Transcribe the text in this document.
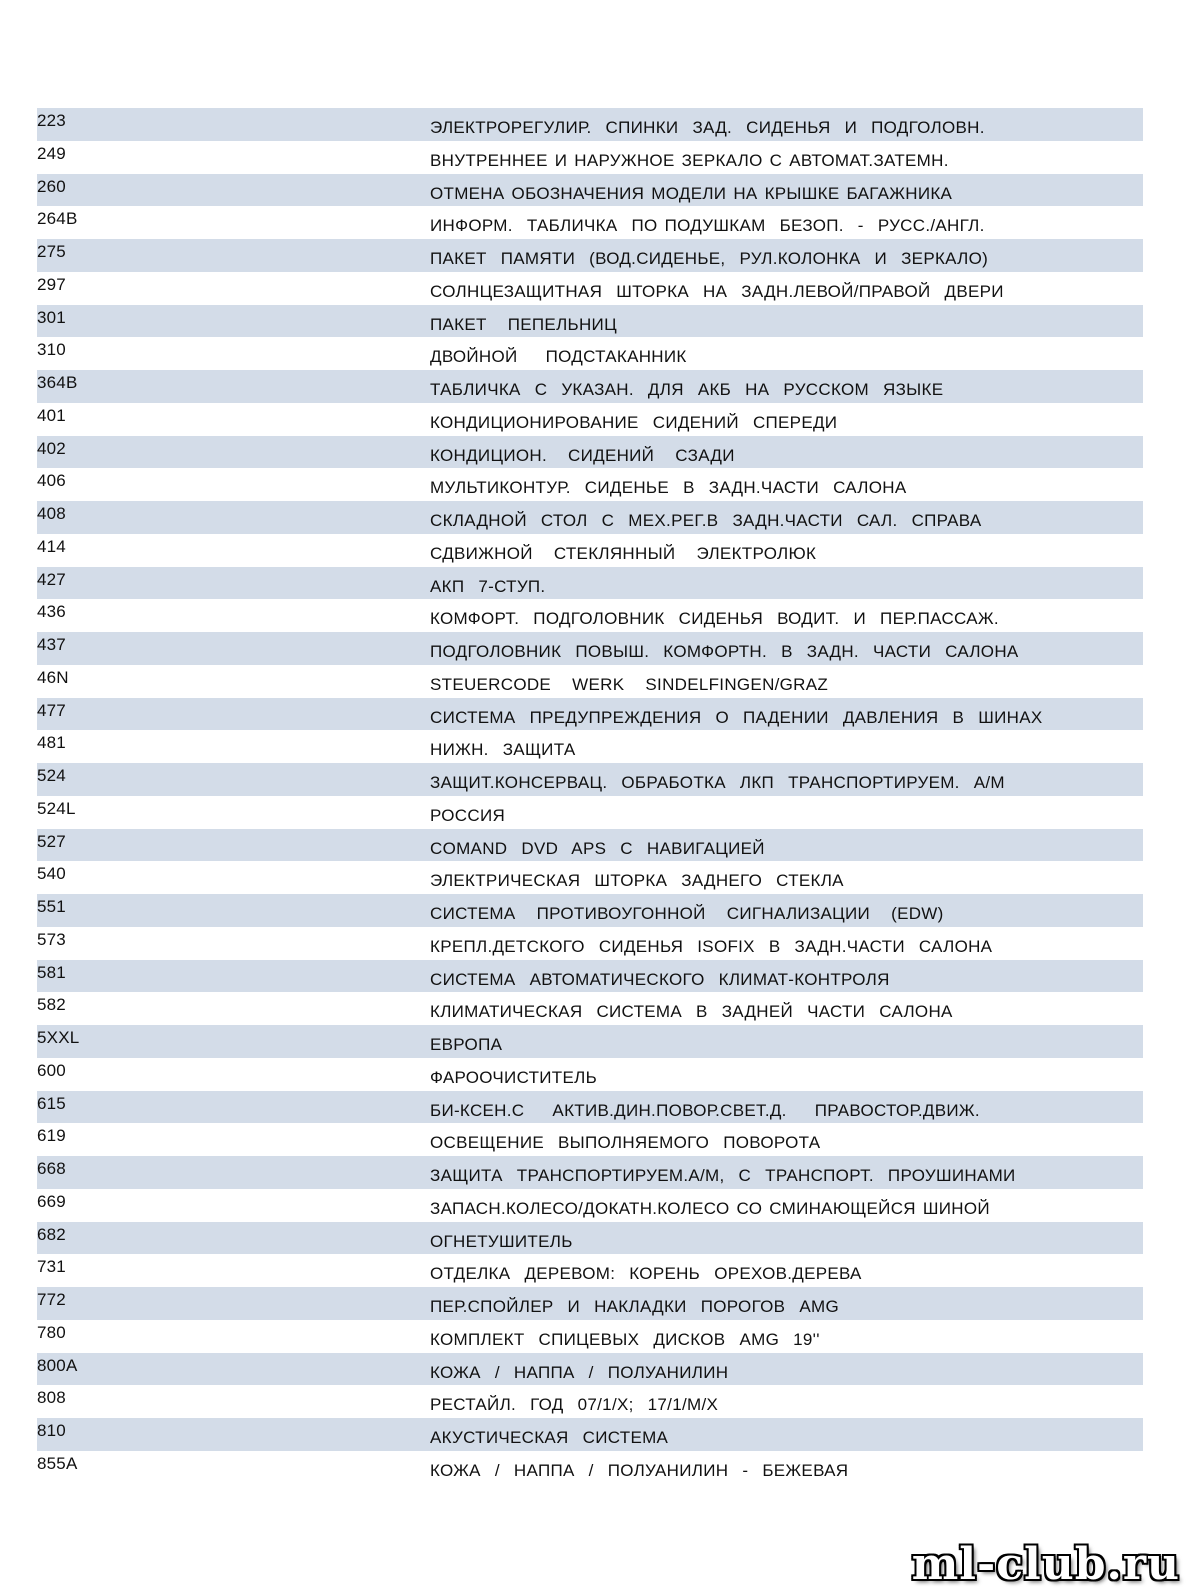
223	ЭЛЕКТРОРЕГУЛИР.  СПИНКИ  ЗАД.  СИДЕНЬЯ  И  ПОДГОЛОВН.
249	ВНУТРЕННЕЕ И НАРУЖНОЕ ЗЕРКАЛО С АВТОМАТ.ЗАТЕМН.
260	ОТМЕНА ОБОЗНАЧЕНИЯ МОДЕЛИ НА КРЫШКЕ БАГАЖНИКА
264B	ИНФОРМ.  ТАБЛИЧКА  ПО ПОДУШКАМ  БЕЗОП.  -  РУСС./АНГЛ.
275	ПАКЕТ  ПАМЯТИ  (ВОД.СИДЕНЬЕ,  РУЛ.КОЛОНКА  И  ЗЕРКАЛО)
297	СОЛНЦЕЗАЩИТНАЯ  ШТОРКА  НА  ЗАДН.ЛЕВОЙ/ПРАВОЙ  ДВЕРИ
301	ПАКЕТ   ПЕПЕЛЬНИЦ
310	ДВОЙНОЙ    ПОДСТАКАННИК
364B	ТАБЛИЧКА  С  УКАЗАН.  ДЛЯ  АКБ  НА  РУССКОМ  ЯЗЫКЕ
401	КОНДИЦИОНИРОВАНИЕ  СИДЕНИЙ  СПЕРЕДИ
402	КОНДИЦИОН.   СИДЕНИЙ   СЗАДИ
406	МУЛЬТИКОНТУР.  СИДЕНЬЕ  В  ЗАДН.ЧАСТИ  САЛОНА
408	СКЛАДНОЙ  СТОЛ  С  МЕХ.РЕГ.В  ЗАДН.ЧАСТИ  САЛ.  СПРАВА
414	СДВИЖНОЙ   СТЕКЛЯННЫЙ   ЭЛЕКТРОЛЮК
427	АКП  7-СТУП.
436	КОМФОРТ.  ПОДГОЛОВНИК  СИДЕНЬЯ  ВОДИТ.  И  ПЕР.ПАССАЖ.
437	ПОДГОЛОВНИК  ПОВЫШ.  КОМФОРТН.  В  ЗАДН.  ЧАСТИ  САЛОНА
46N	STEUERCODE   WERK   SINDELFINGEN/GRAZ
477	СИСТЕМА  ПРЕДУПРЕЖДЕНИЯ  О  ПАДЕНИИ  ДАВЛЕНИЯ  В  ШИНАХ
481	НИЖН.  ЗАЩИТА
524	ЗАЩИТ.КОНСЕРВАЦ.  ОБРАБОТКА  ЛКП  ТРАНСПОРТИРУЕМ.  А/М
524L	РОССИЯ
527	COMAND  DVD  APS  С  НАВИГАЦИЕЙ
540	ЭЛЕКТРИЧЕСКАЯ  ШТОРКА  ЗАДНЕГО  СТЕКЛА
551	СИСТЕМА   ПРОТИВОУГОННОЙ   СИГНАЛИЗАЦИИ   (EDW)
573	КРЕПЛ.ДЕТСКОГО  СИДЕНЬЯ  ISOFIX  В  ЗАДН.ЧАСТИ  САЛОНА
581	СИСТЕМА  АВТОМАТИЧЕСКОГО  КЛИМАТ-КОНТРОЛЯ
582	КЛИМАТИЧЕСКАЯ  СИСТЕМА  В  ЗАДНЕЙ  ЧАСТИ  САЛОНА
5XXL	ЕВРОПА
600	ФАРООЧИСТИТЕЛЬ
615	БИ-КСЕН.С    АКТИВ.ДИН.ПОВОР.СВЕТ.Д.    ПРАВОСТОР.ДВИЖ.
619	ОСВЕЩЕНИЕ  ВЫПОЛНЯЕМОГО  ПОВОРОТА
668	ЗАЩИТА  ТРАНСПОРТИРУЕМ.А/М,  С  ТРАНСПОРТ.  ПРОУШИНАМИ
669	ЗАПАСН.КОЛЕСО/ДОКАТН.КОЛЕСО СО СМИНАЮЩЕЙСЯ ШИНОЙ
682	ОГНЕТУШИТЕЛЬ
731	ОТДЕЛКА  ДЕРЕВОМ:  КОРЕНЬ  ОРЕХОВ.ДЕРЕВА
772	ПЕР.СПОЙЛЕР  И  НАКЛАДКИ  ПОРОГОВ  AMG
780	КОМПЛЕКТ  СПИЦЕВЫХ  ДИСКОВ  AMG  19''
800A	КОЖА  /  НАППА  /  ПОЛУАНИЛИН
808	РЕСТАЙЛ.  ГОД  07/1/Х;  17/1/М/Х
810	АКУСТИЧЕСКАЯ  СИСТЕМА
855A	КОЖА  /  НАППА  /  ПОЛУАНИЛИН  -  БЕЖЕВАЯ
ml-club.ru
